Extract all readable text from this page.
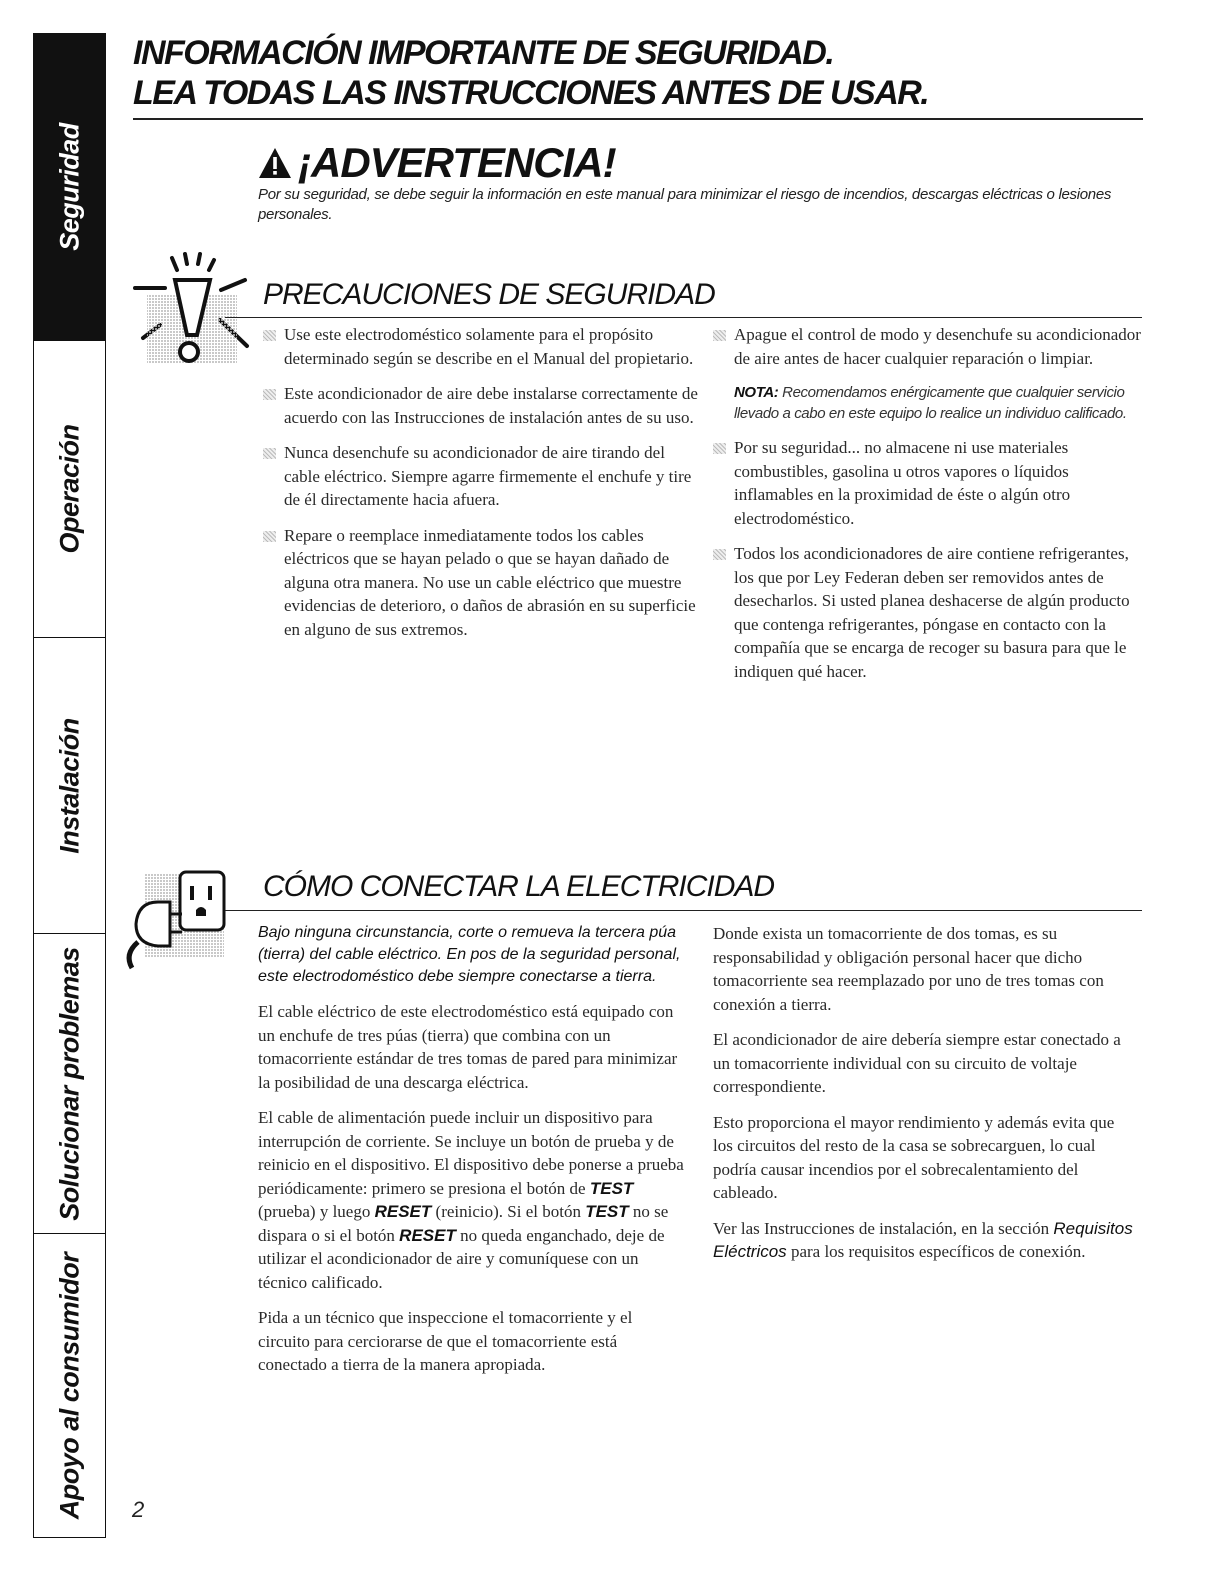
Seguridad
Operación
Instalación
Solucionar problemas
Apoyo al consumidor
INFORMACIÓN IMPORTANTE DE SEGURIDAD.
LEA TODAS LAS INSTRUCCIONES ANTES DE USAR.
¡ADVERTENCIA!

Por su seguridad, se debe seguir la información en este manual para minimizar el riesgo de incendios, descargas eléctricas o lesiones personales.

PRECAUCIONES DE SEGURIDAD

Use este electrodoméstico solamente para el propósito determinado según se describe en el Manual del propietario.

Este acondicionador de aire debe instalarse correctamente de acuerdo con las Instrucciones de instalación antes de su uso.

Nunca desenchufe su acondicionador de aire tirando del cable eléctrico. Siempre agarre firmemente el enchufe y tire de él directamente hacia afuera.

Repare o reemplace inmediatamente todos los cables eléctricos que se hayan pelado o que se hayan dañado de alguna otra manera. No use un cable eléctrico que muestre evidencias de deterioro, o daños de abrasión en su superficie en alguno de sus extremos.

Apague el control de modo y desenchufe su acondicionador de aire antes de hacer cualquier reparación o limpiar.

NOTA: Recomendamos enérgicamente que cualquier servicio llevado a cabo en este equipo lo realice un individuo calificado.

Por su seguridad... no almacene ni use materiales combustibles, gasolina u otros vapores o líquidos inflamables en la proximidad de éste o algún otro electrodoméstico.

Todos los acondicionadores de aire contiene refrigerantes, los que por Ley Federan deben ser removidos antes de desecharlos. Si usted planea deshacerse de algún producto que contenga refrigerantes, póngase en contacto con la compañía que se encarga de recoger su basura para que le indiquen qué hacer.

CÓMO CONECTAR LA ELECTRICIDAD

Bajo ninguna circunstancia, corte o remueva la tercera púa (tierra) del cable eléctrico. En pos de la seguridad personal, este electrodoméstico debe siempre conectarse a tierra.

El cable eléctrico de este electrodoméstico está equipado con un enchufe de tres púas (tierra) que combina con un tomacorriente estándar de tres tomas de pared para minimizar la posibilidad de una descarga eléctrica.

El cable de alimentación puede incluir un dispositivo para interrupción de corriente. Se incluye un botón de prueba y de reinicio en el dispositivo. El dispositivo debe ponerse a prueba periódicamente: primero se presiona el botón de TEST (prueba) y luego RESET (reinicio). Si el botón TEST no se dispara o si el botón RESET no queda enganchado, deje de utilizar el acondicionador de aire y comuníquese con un técnico calificado.

Pida a un técnico que inspeccione el tomacorriente y el circuito para cerciorarse de que el tomacorriente está conectado a tierra de la manera apropiada.

Donde exista un tomacorriente de dos tomas, es su responsabilidad y obligación personal hacer que dicho tomacorriente sea reemplazado por uno de tres tomas con conexión a tierra.

El acondicionador de aire debería siempre estar conectado a un tomacorriente individual con su circuito de voltaje correspondiente.

Esto proporciona el mayor rendimiento y además evita que los circuitos del resto de la casa se sobrecarguen, lo cual podría causar incendios por el sobrecalentamiento del cableado.

Ver las Instrucciones de instalación, en la sección Requisitos Eléctricos para los requisitos específicos de conexión.

2
